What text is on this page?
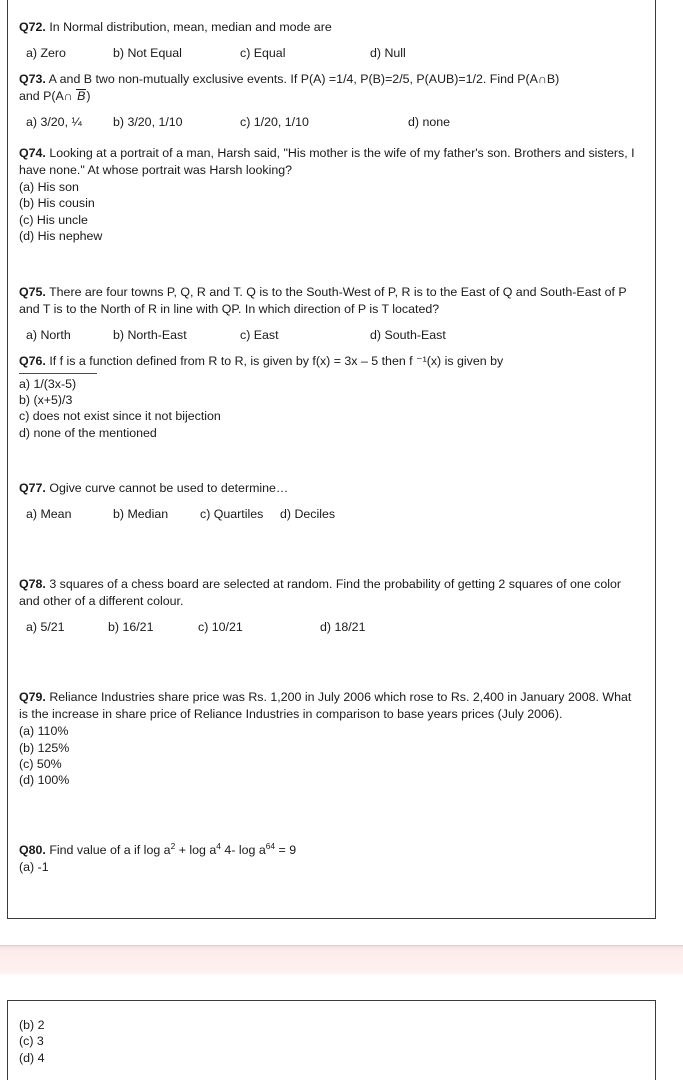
Q72. In Normal distribution, mean, median and mode are

a) Zero	b) Not Equal	c) Equal	d) Null

Q73. A and B two non-mutually exclusive events. If P(A) =1/4, P(B)=2/5, P(AUB)=1/2. Find P(A∩B)

and P(A∩ B)

a) 3/20, ¼	b) 3/20, 1/10	c) 1/20, 1/10	d) none

Q74. Looking at a portrait of a man, Harsh said, "His mother is the wife of my father's son. Brothers and sisters, I have none." At whose portrait was Harsh looking?

(a) His son
(b) His cousin
(c) His uncle
(d) His nephew

Q75. There are four towns P, Q, R and T. Q is to the South-West of P, R is to the East of Q and South-East of P and T is to the North of R in line with QP. In which direction of P is T located?

a) North	b) North-East	c) East	d) South-East

Q76. If f is a function defined from R to R, is given by f(x) = 3x – 5 then f ⁻¹(x) is given by

a) 1/(3x-5)
b) (x+5)/3
c) does not exist since it not bijection
d) none of the mentioned

Q77. Ogive curve cannot be used to determine…

a) Mean	b) Median	c) Quartiles d) Deciles

Q78. 3 squares of a chess board are selected at random. Find the probability of getting 2 squares of one color and other of a different colour.

a) 5/21	b) 16/21	c) 10/21	d) 18/21

Q79. Reliance Industries share price was Rs. 1,200 in July 2006 which rose to Rs. 2,400 in January 2008. What is the increase in share price of Reliance Industries in comparison to base years prices (July 2006).

(a) 110%
(b) 125%
(c) 50%
(d) 100%

Q80. Find value of a if $\log a^2 + \log a^4$ 4- $\log a^{64} = 9$

(a) -1
(b) 2
(c) 3
(d) 4
